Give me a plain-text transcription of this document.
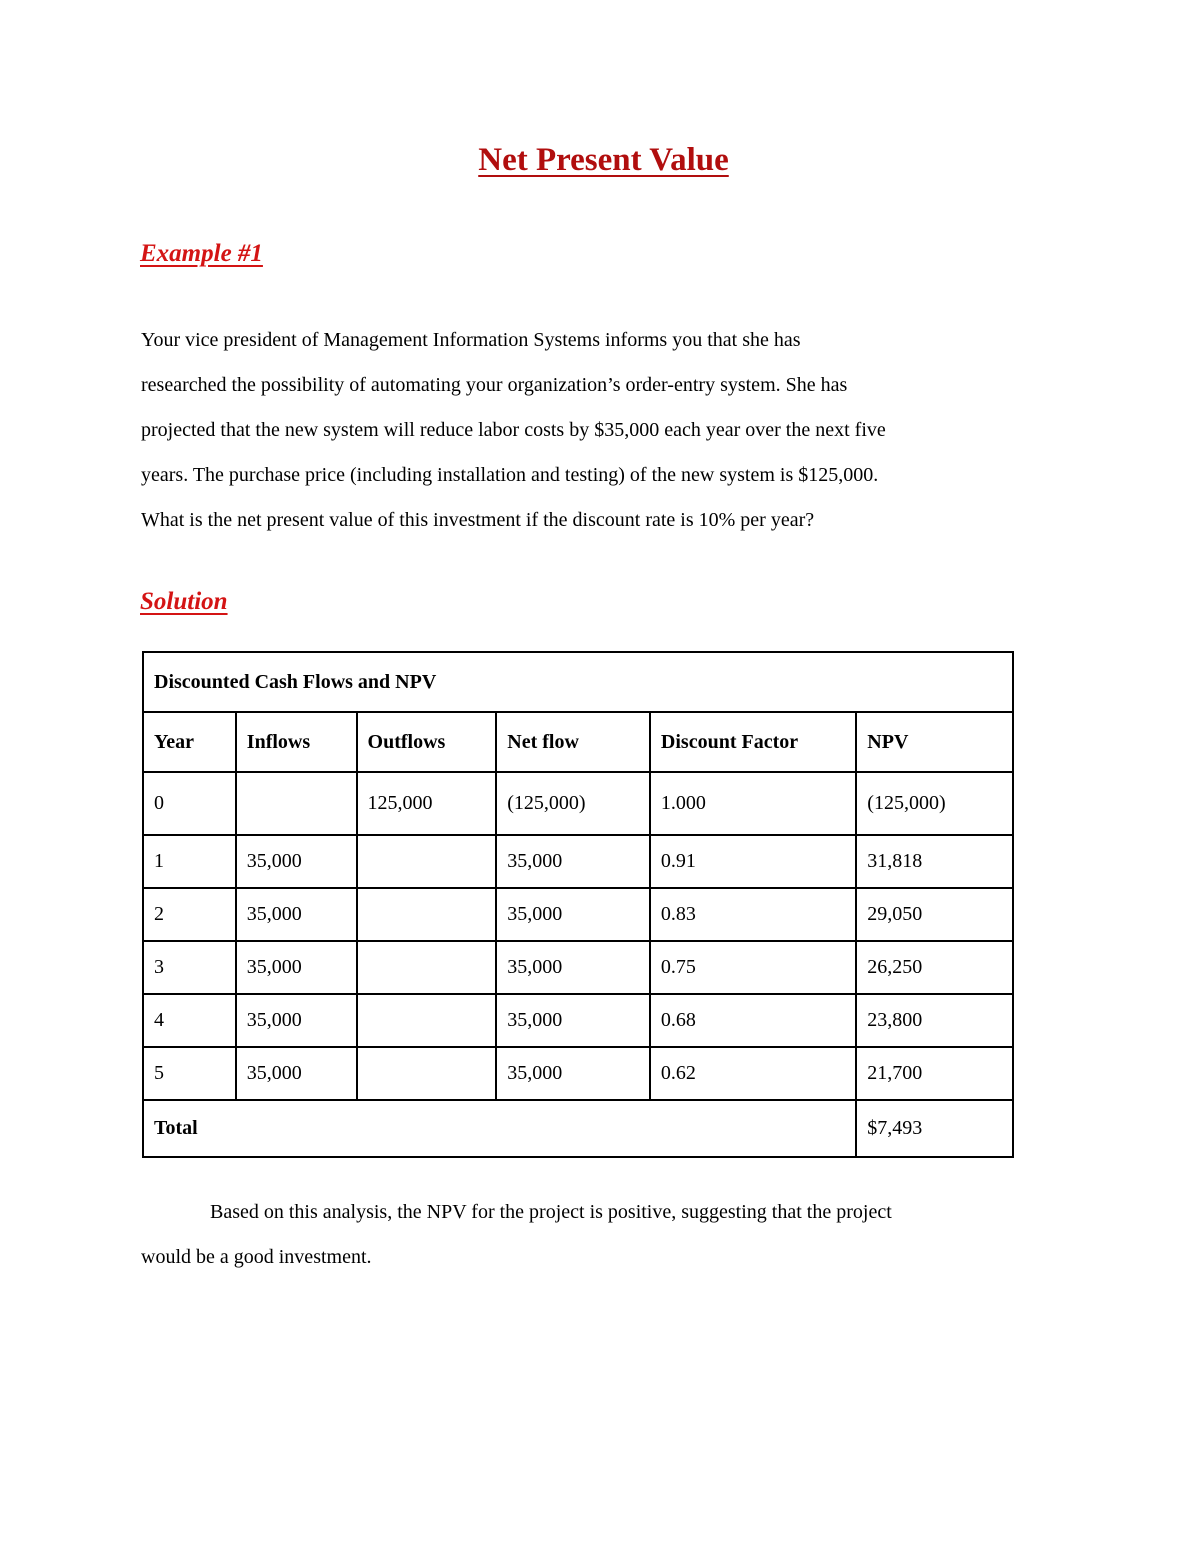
Net Present Value
Example #1

Your vice president of Management Information Systems informs you that she has
researched the possibility of automating your organization’s order-entry system. She has
projected that the new system will reduce labor costs by $35,000 each year over the next five
years. The purchase price (including installation and testing) of the new system is $125,000.
What is the net present value of this investment if the discount rate is 10% per year?

Solution
Discounted Cash Flows and NPV					
Year	Inflows	Outflows	Net flow	Discount Factor	NPV
0		125,000	(125,000)	1.000	(125,000)
1	35,000		35,000	0.91	31,818
2	35,000		35,000	0.83	29,050
3	35,000		35,000	0.75	26,250
4	35,000		35,000	0.68	23,800
5	35,000		35,000	0.62	21,700
Total					$7,493

Based on this analysis, the NPV for the project is positive, suggesting that the project
would be a good investment.
